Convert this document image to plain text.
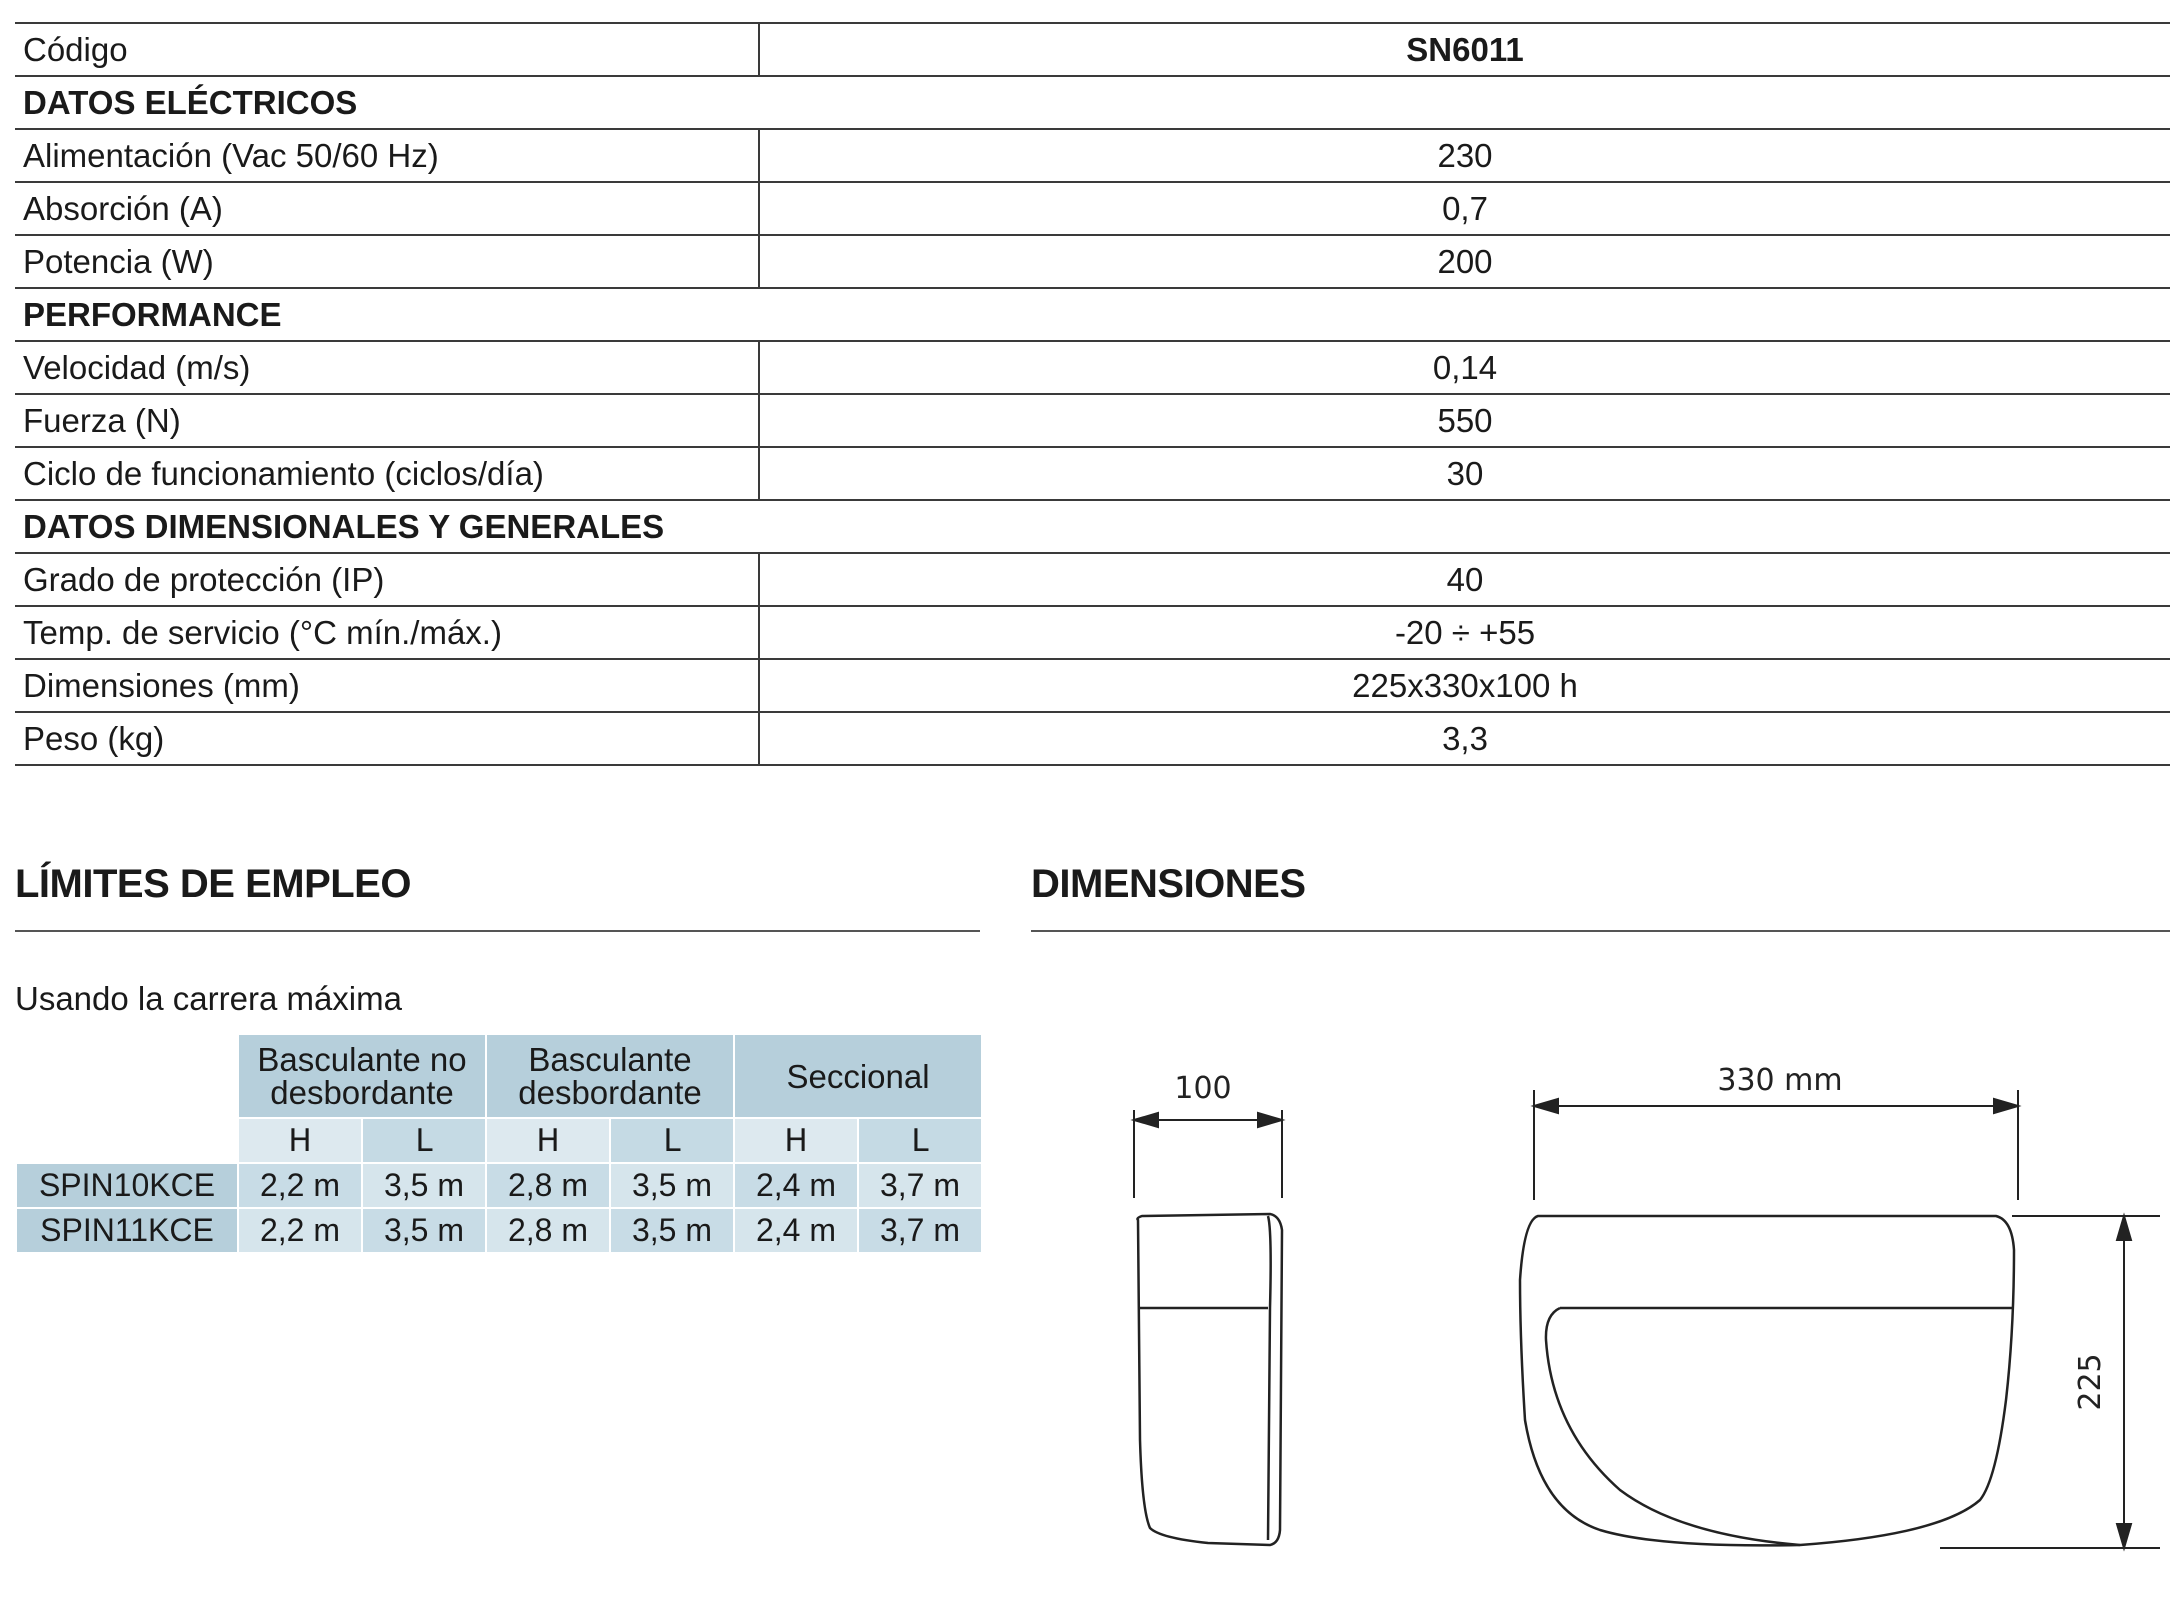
Código	SN6011
DATOS ELÉCTRICOS	
Alimentación (Vac 50/60 Hz)	230
Absorción (A)	0,7
Potencia (W)	200
PERFORMANCE	
Velocidad (m/s)	0,14
Fuerza (N)	550
Ciclo de funcionamiento (ciclos/día)	30
DATOS DIMENSIONALES Y GENERALES	
Grado de protección (IP)	40
Temp. de servicio (°C mín./máx.)	-20 ÷ +55
Dimensiones (mm)	225x330x100 h
Peso (kg)	3,3
LÍMITES DE EMPLEO
Usando la carrera máxima
	Basculante no desbordante		Basculante desbordante		Seccional	
	H	L	H	L	H	L
SPIN10KCE	2,2 m	3,5 m	2,8 m	3,5 m	2,4 m	3,7 m
SPIN11KCE	2,2 m	3,5 m	2,8 m	3,5 m	2,4 m	3,7 m
DIMENSIONES
100	330 mm
225
